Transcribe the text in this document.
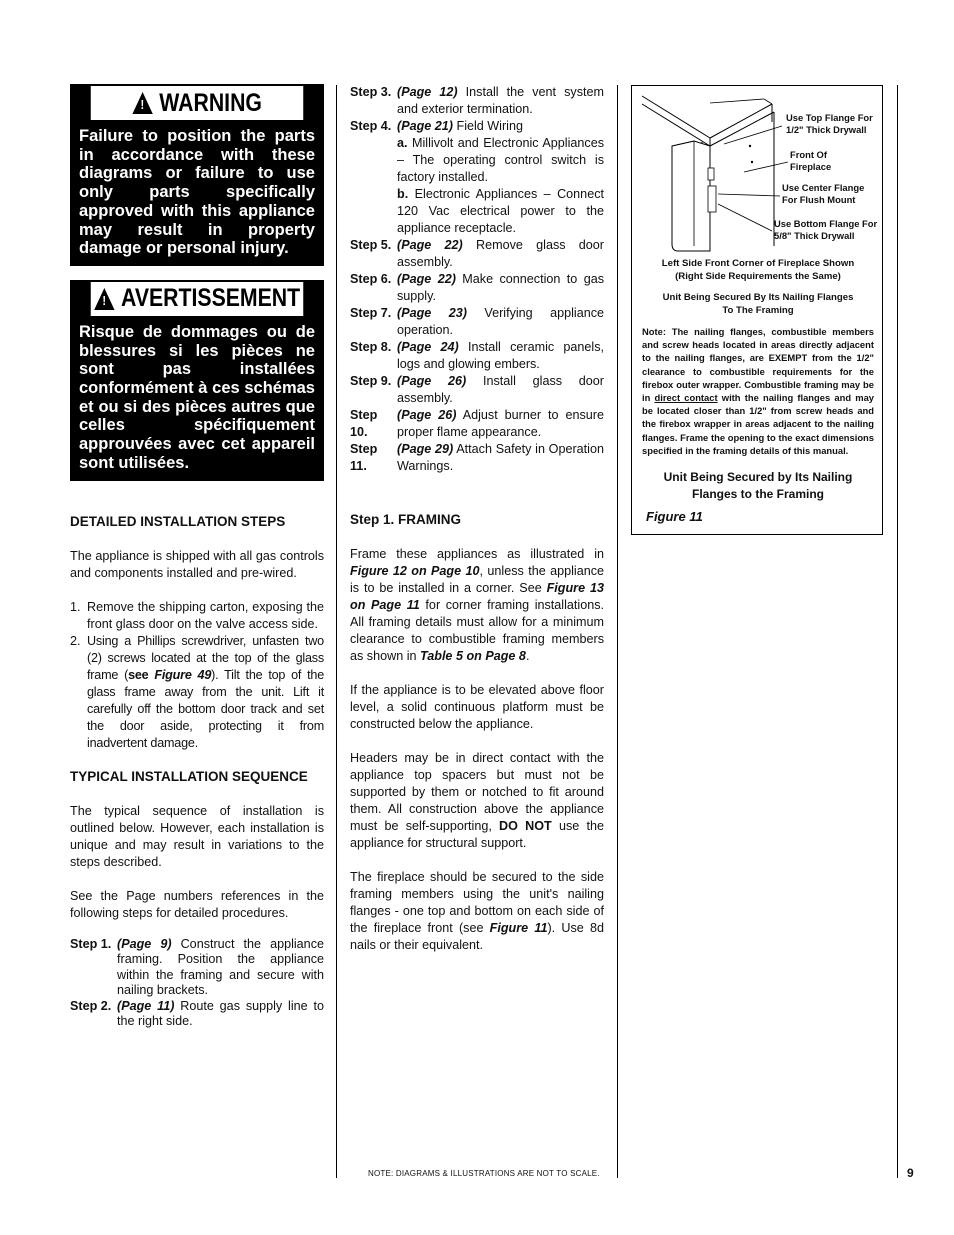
! WARNING
Failure to position the parts in accordance with these diagrams or failure to use only parts specifically approved with this appliance may result in property damage or personal injury.
! AVERTISSEMENT
Risque de dommages ou de blessures si les pièces ne sont pas installées conformément à ces schémas et ou si des pièces autres que celles spécifiquement approuvées avec cet appareil sont utilisées.
DETAILED INSTALLATION STEPS

The appliance is shipped with all gas controls and components installed and pre-wired.

1. Remove the shipping carton, exposing the front glass door on the valve access side.
2. Using a Phillips screwdriver, unfasten two (2) screws located at the top of the glass frame (see Figure 49). Tilt the top of the glass frame away from the unit. Lift it carefully off the bottom door track and set the door aside, protecting it from inadvertent damage.
TYPICAL INSTALLATION SEQUENCE

The typical sequence of installation is outlined below. However, each installation is unique and may result in variations to the steps described.

See the Page numbers references in the following steps for detailed procedures.

Step 1. (Page 9) Construct the appliance framing. Position the appliance within the framing and secure with nailing brackets.
Step 2. (Page 11) Route gas supply line to the right side.
Step 3. (Page 12) Install the vent system and exterior termination.
Step 4. (Page 21) Field Wiring
a. Millivolt and Electronic Appliances – The operating control switch is factory installed.
b. Electronic Appliances – Connect 120 Vac electrical power to the appliance receptacle.
Step 5. (Page 22) Remove glass door assembly.
Step 6. (Page 22) Make connection to gas supply.
Step 7. (Page 23) Verifying appliance operation.
Step 8. (Page 24) Install ceramic panels, logs and glowing embers.
Step 9. (Page 26) Install glass door assembly.
Step 10.
(Page 26) Adjust burner to ensure proper flame appearance.
Step 11.
(Page 29) Attach Safety in Operation Warnings.
Step 1. FRAMING

Frame these appliances as illustrated in Figure 12 on Page 10, unless the appliance is to be installed in a corner. See Figure 13 on Page 11 for corner framing installations. All framing details must allow for a minimum clearance to combustible framing members as shown in Table 5 on Page 8.

If the appliance is to be elevated above floor level, a solid continuous platform must be constructed below the appliance.

Headers may be in direct contact with the appliance top spacers but must not be supported by them or notched to fit around them. All construction above the appliance must be self-supporting, DO NOT use the appliance for structural support.

The fireplace should be secured to the side framing members using the unit's nailing flanges - one top and bottom on each side of the fireplace front (see Figure 11). Use 8d nails or their equivalent.

Use Top Flange For
1/2" Thick Drywall
Front Of
Fireplace
Use Center Flange
For Flush Mount
Use Bottom Flange For
5/8" Thick Drywall
Left Side Front Corner of Fireplace Shown
(Right Side Requirements the Same)
Unit Being Secured By Its Nailing Flanges
To The Framing
Note: The nailing flanges, combustible members and screw heads located in areas directly adjacent to the nailing flanges, are EXEMPT from the 1/2" clearance to combustible requirements for the firebox outer wrapper. Combustible framing may be in direct contact with the nailing flanges and may be located closer than 1/2" from screw heads and the firebox wrapper in areas adjacent to the nailing flanges. Frame the opening to the exact dimensions specified in the framing details of this manual.
Unit Being Secured by Its Nailing
Flanges to the Framing
Figure 11
NOTE: DIAGRAMS & ILLUSTRATIONS ARE NOT TO SCALE.	9
